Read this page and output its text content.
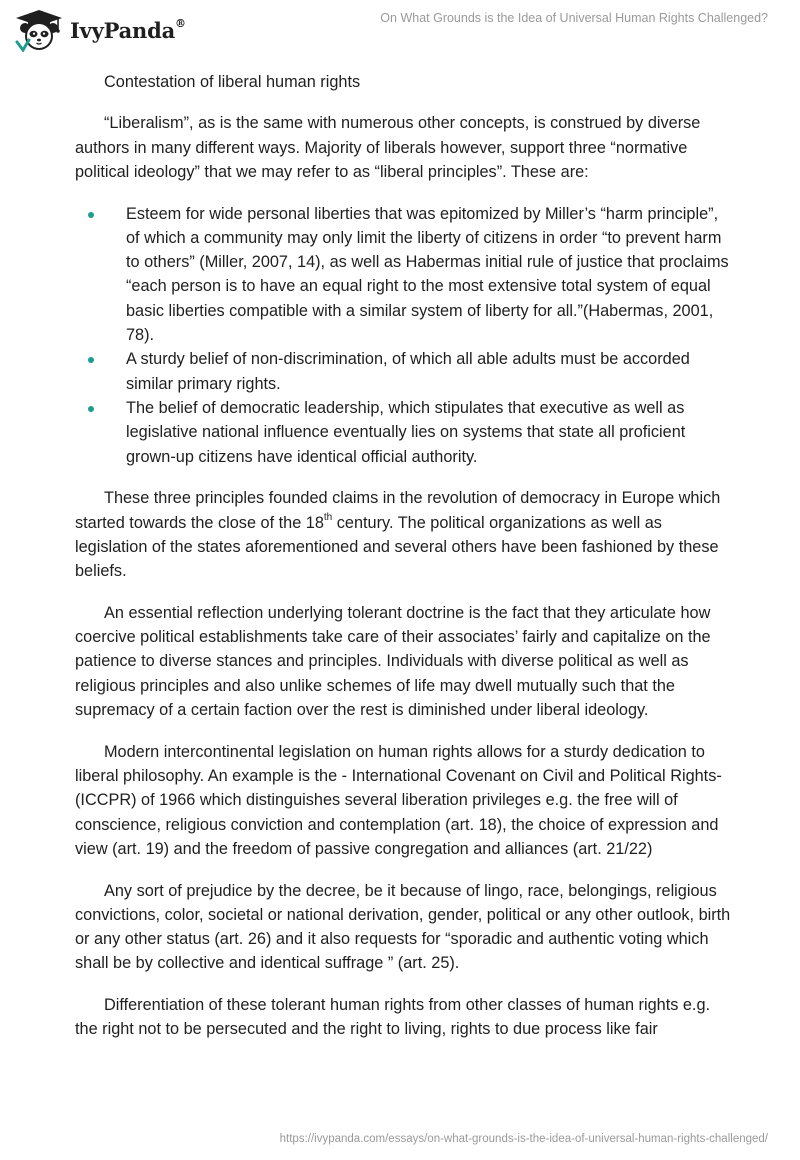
IvyPanda®	On What Grounds is the Idea of Universal Human Rights Challenged?

Contestation of liberal human rights

“Liberalism”, as is the same with numerous other concepts, is construed by diverse authors in many different ways. Majority of liberals however, support three “normative political ideology” that we may refer to as “liberal principles”. These are:

Esteem for wide personal liberties that was epitomized by Miller’s “harm principle”, of which a community may only limit the liberty of citizens in order “to prevent harm to others” (Miller, 2007, 14), as well as Habermas initial rule of justice that proclaims “each person is to have an equal right to the most extensive total system of equal basic liberties compatible with a similar system of liberty for all.”(Habermas, 2001, 78).
A sturdy belief of non-discrimination, of which all able adults must be accorded similar primary rights.
The belief of democratic leadership, which stipulates that executive as well as legislative national influence eventually lies on systems that state all proficient grown-up citizens have identical official authority.

These three principles founded claims in the revolution of democracy in Europe which started towards the close of the 18th century. The political organizations as well as legislation of the states aforementioned and several others have been fashioned by these beliefs.

An essential reflection underlying tolerant doctrine is the fact that they articulate how coercive political establishments take care of their associates’ fairly and capitalize on the patience to diverse stances and principles. Individuals with diverse political as well as religious principles and also unlike schemes of life may dwell mutually such that the supremacy of a certain faction over the rest is diminished under liberal ideology.

Modern intercontinental legislation on human rights allows for a sturdy dedication to liberal philosophy. An example is the - International Covenant on Civil and Political Rights- (ICCPR) of 1966 which distinguishes several liberation privileges e.g. the free will of conscience, religious conviction and contemplation (art. 18), the choice of expression and view (art. 19) and the freedom of passive congregation and alliances (art. 21/22)

Any sort of prejudice by the decree, be it because of lingo, race, belongings, religious convictions, color, societal or national derivation, gender, political or any other outlook, birth or any other status (art. 26) and it also requests for “sporadic and authentic voting which shall be by collective and identical suffrage ” (art. 25).

Differentiation of these tolerant human rights from other classes of human rights e.g. the right not to be persecuted and the right to living, rights to due process like fair

https://ivypanda.com/essays/on-what-grounds-is-the-idea-of-universal-human-rights-challenged/
